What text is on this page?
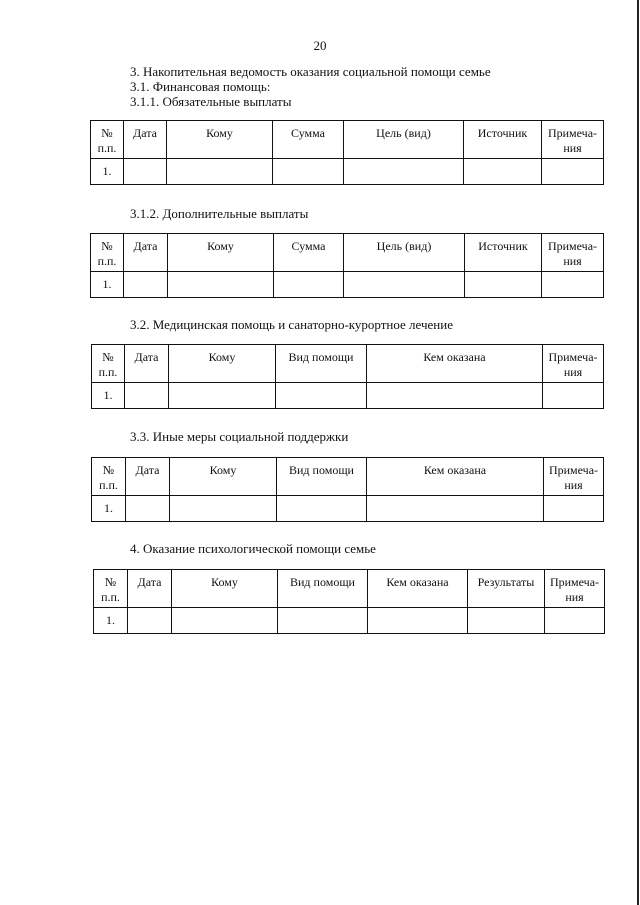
20
3. Накопительная ведомость оказания социальной помощи семье
3.1. Финансовая помощь:
3.1.1. Обязательные выплаты
№ п.п.	Дата	Кому	Сумма	Цель (вид)	Источник	Примеча-
ния
1.						
3.1.2. Дополнительные выплаты
№ п.п.	Дата	Кому	Сумма	Цель (вид)	Источник	Примеча-
ния
1.						
3.2. Медицинская помощь и санаторно-курортное лечение
№ п.п.	Дата	Кому	Вид помощи	Кем оказана	Примеча-
ния
1.					
3.3. Иные меры социальной поддержки
№ п.п.	Дата	Кому	Вид помощи	Кем оказана	Примеча-
ния
1.					
4. Оказание психологической помощи семье
№ п.п.	Дата	Кому	Вид помощи	Кем оказана	Результаты	Примеча-
ния
1.						
